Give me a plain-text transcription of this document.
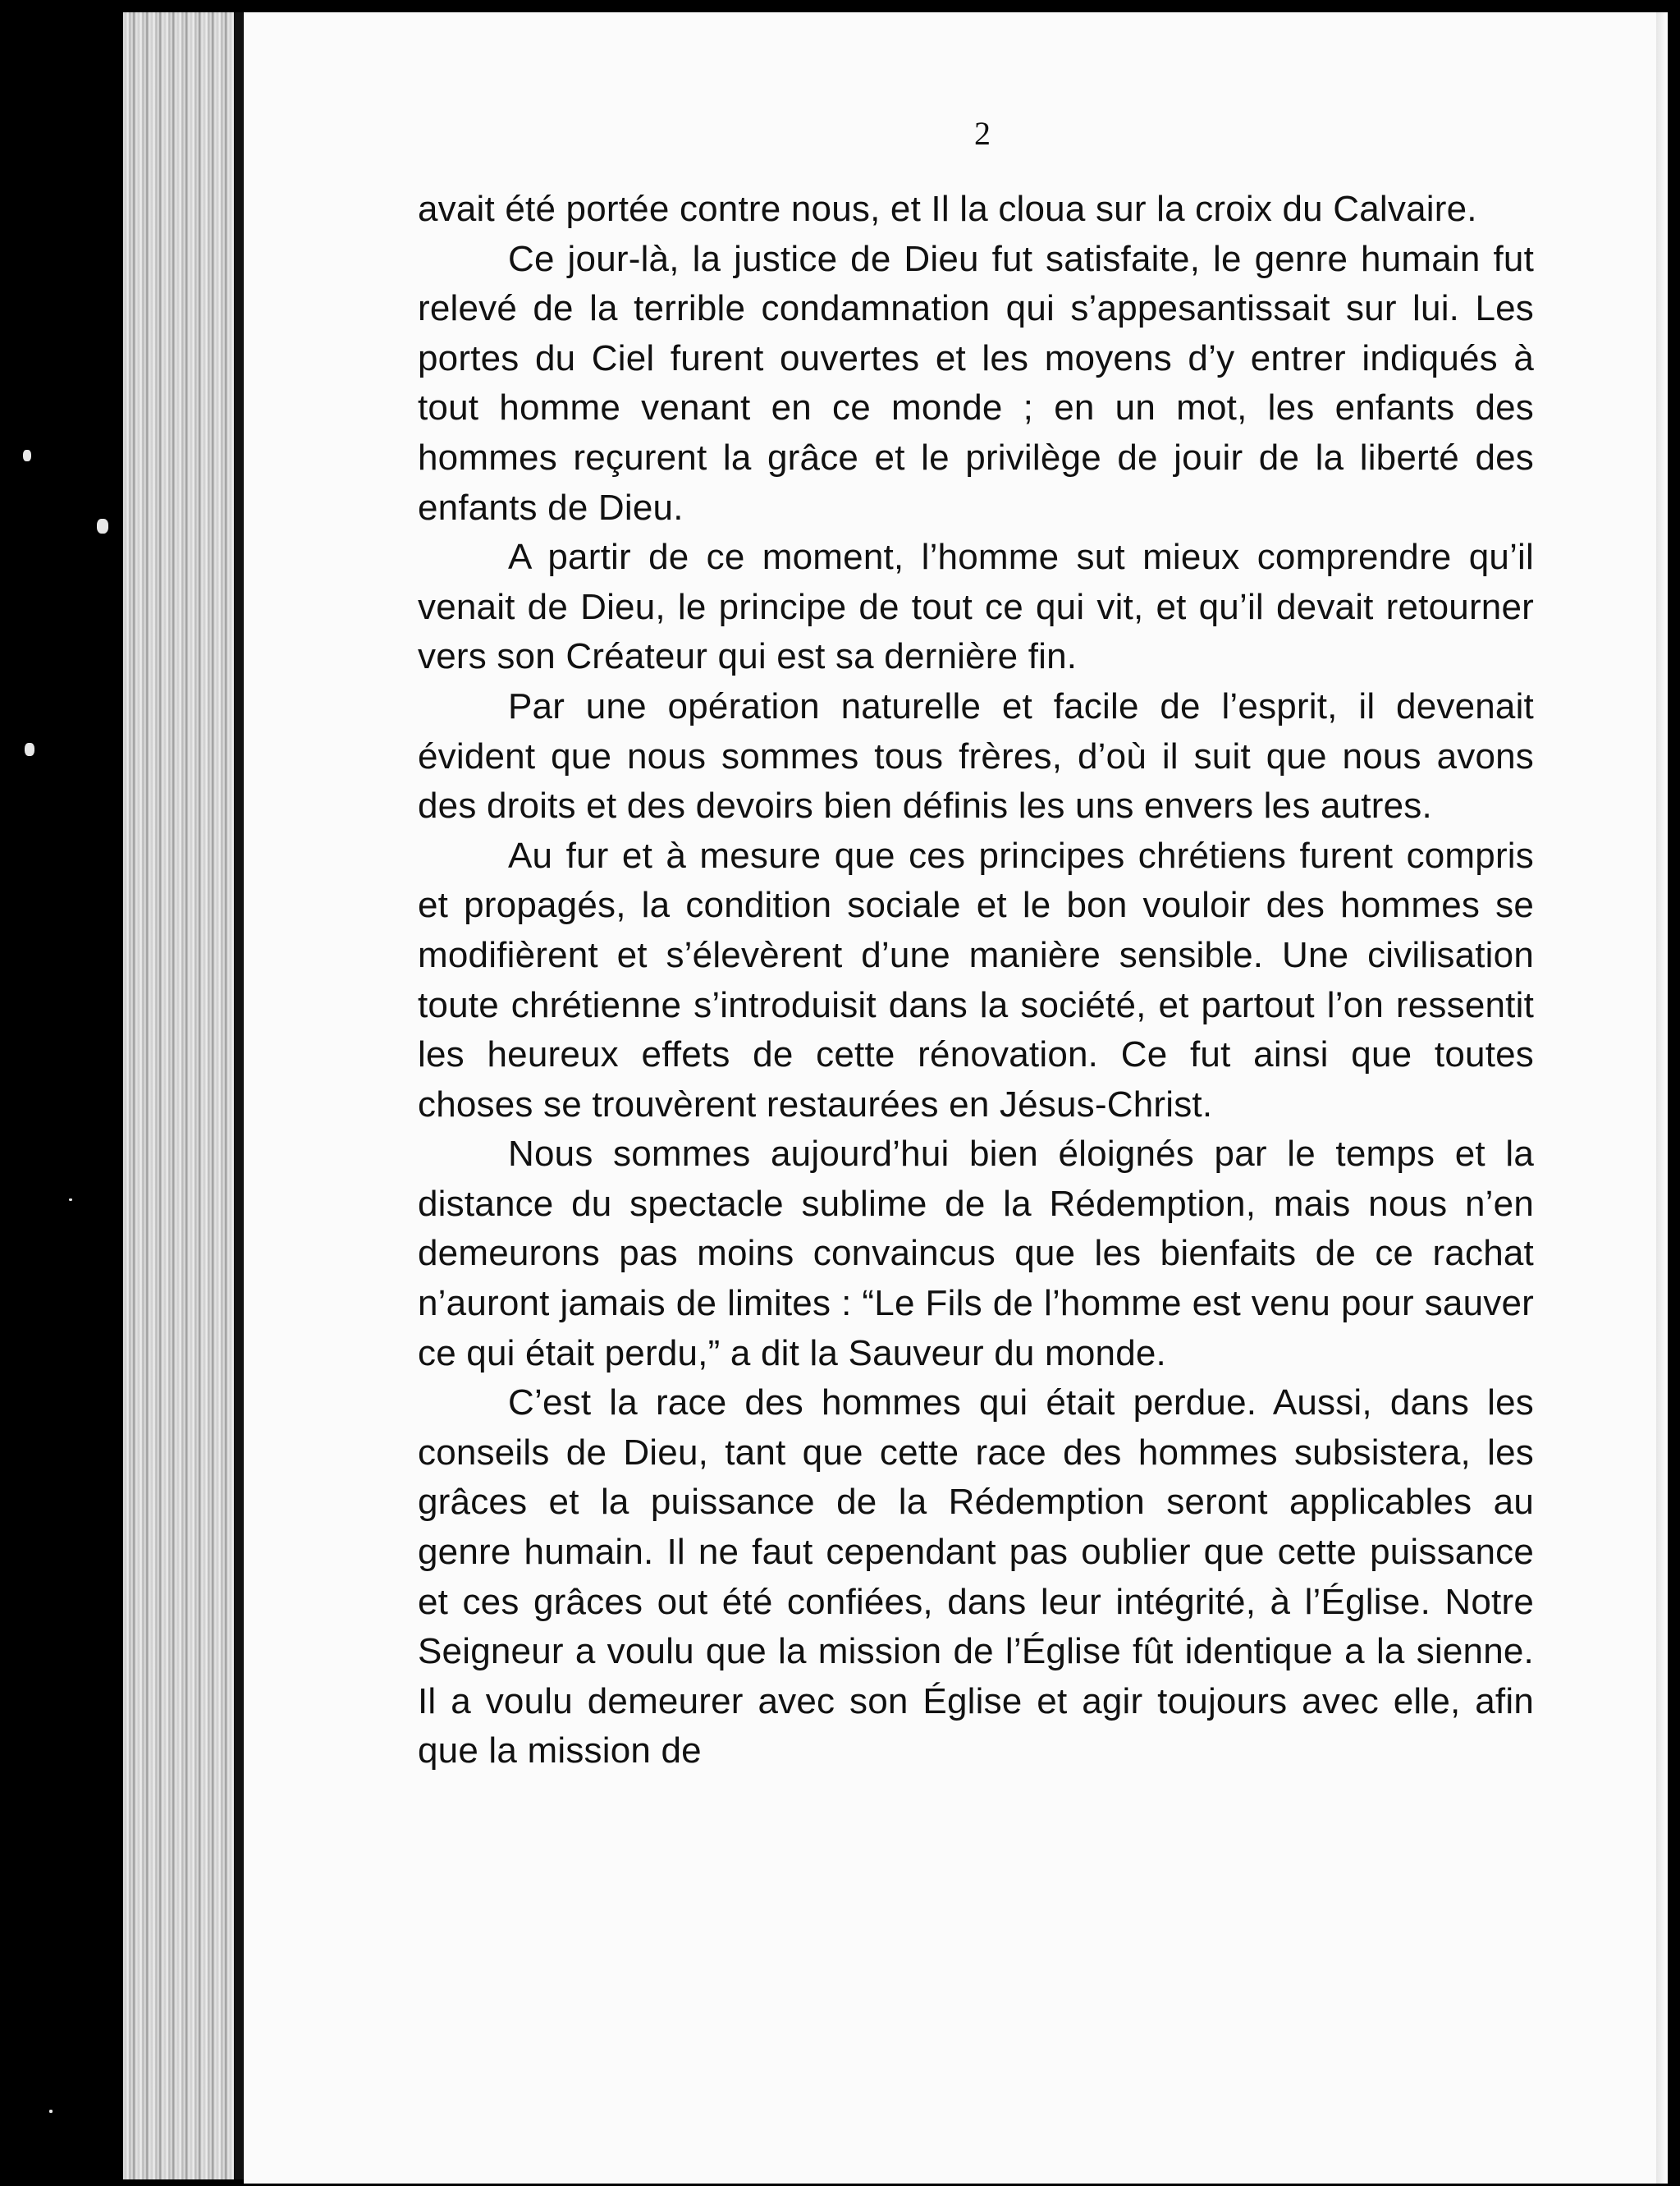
2

avait été portée contre nous, et Il la cloua sur la croix du Calvaire.

Ce jour-là, la justice de Dieu fut satisfaite, le genre humain fut relevé de la terrible condamnation qui s’appesantissait sur lui. Les portes du Ciel furent ouvertes et les moyens d’y entrer indiqués à tout homme venant en ce monde ; en un mot, les enfants des hommes reçurent la grâce et le privilège de jouir de la liberté des enfants de Dieu.

A partir de ce moment, l’homme sut mieux comprendre qu’il venait de Dieu, le principe de tout ce qui vit, et qu’il devait retourner vers son Créateur qui est sa dernière fin.

Par une opération naturelle et facile de l’esprit, il devenait évident que nous sommes tous frères, d’où il suit que nous avons des droits et des devoirs bien définis les uns envers les autres.

Au fur et à mesure que ces principes chrétiens furent compris et propagés, la condition sociale et le bon vouloir des hommes se modifièrent et s’élevèrent d’une manière sensible. Une civilisation toute chrétienne s’introduisit dans la société, et partout l’on ressentit les heureux effets de cette rénovation. Ce fut ainsi que toutes choses se trouvèrent restaurées en Jésus-Christ.

Nous sommes aujourd’hui bien éloignés par le temps et la distance du spectacle sublime de la Rédemption, mais nous n’en demeurons pas moins convaincus que les bienfaits de ce rachat n’auront jamais de limites : “Le Fils de l’homme est venu pour sauver ce qui était perdu,” a dit la Sauveur du monde.

C’est la race des hommes qui était perdue. Aussi, dans les conseils de Dieu, tant que cette race des hommes subsistera, les grâces et la puissance de la Rédemption seront applicables au genre humain. Il ne faut cependant pas oublier que cette puissance et ces grâces out été confiées, dans leur intégrité, à l’Église. Notre Seigneur a voulu que la mission de l’Église fût identique a la sienne. Il a voulu demeurer avec son Église et agir toujours avec elle, afin que la mission de
